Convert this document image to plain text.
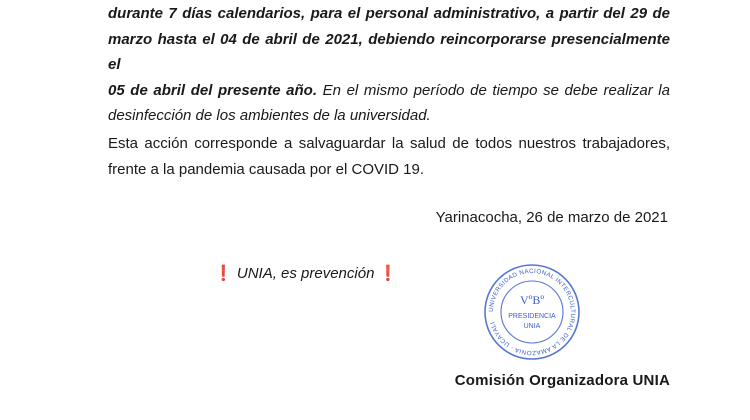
durante 7 días calendarios, para el personal administrativo, a partir del 29 de
marzo hasta el 04 de abril de 2021, debiendo reincorporarse presencialmente el
05 de abril del presente año. En el mismo período de tiempo se debe realizar la
desinfección de los ambientes de la universidad.

Esta acción corresponde a salvaguardar la salud de todos nuestros trabajadores,
frente a la pandemia causada por el COVID 19.

Yarinacocha, 26 de marzo de 2021
❗ UNIA, es prevención ❗
UNIVERSIDAD NACIONAL INTERCULTURAL DE LA AMAZONIA · UCAYALI
VºBº
PRESIDENCIA
UNIA
Comisión Organizadora UNIA
